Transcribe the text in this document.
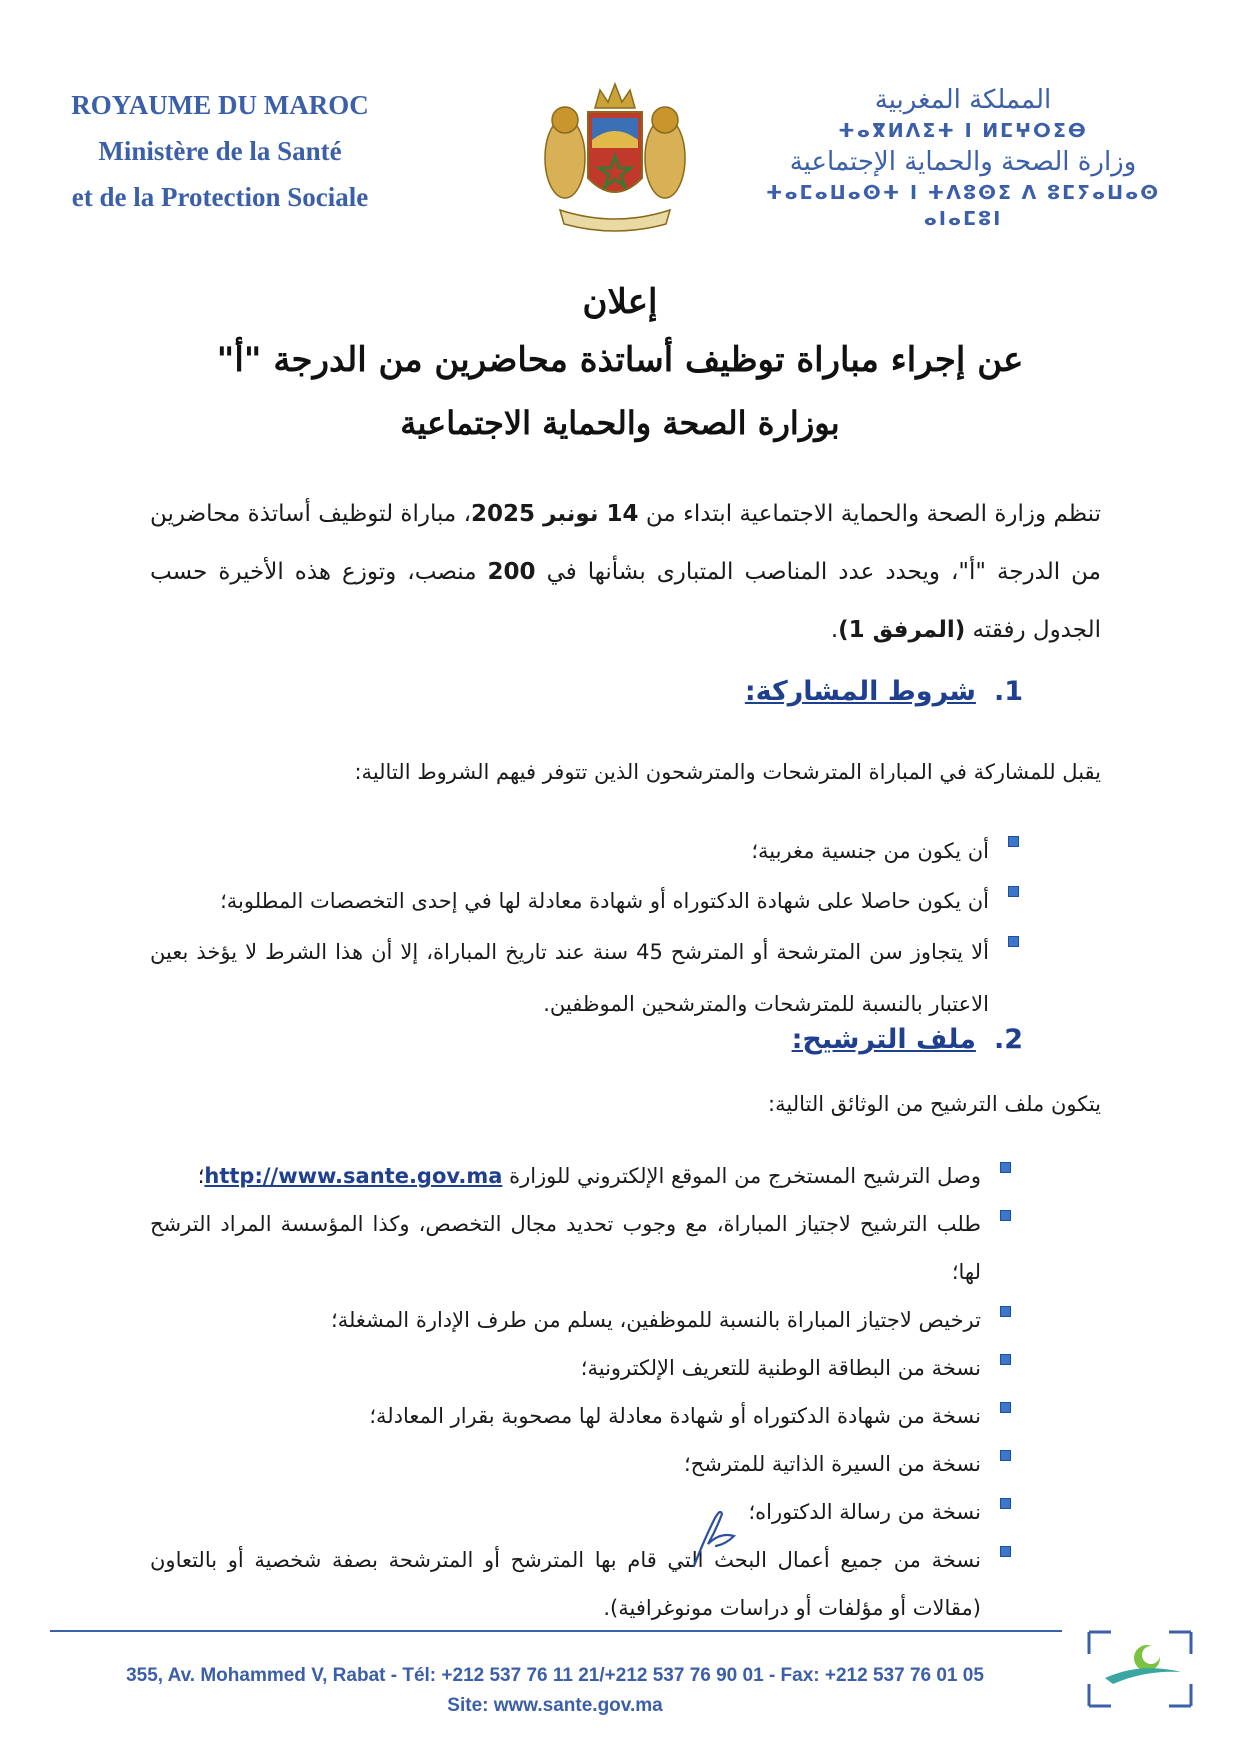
ROYAUME DU MAROC
Ministère de la Santé
et de la Protection Sociale
المملكة المغربية
ⵜⴰⴳⵍⴷⵉⵜ ⵏ ⵍⵎⵖⵔⵉⴱ
وزارة الصحة والحماية الإجتماعية
ⵜⴰⵎⴰⵡⴰⵙⵜ ⵏ ⵜⴷⵓⵙⵉ ⴷ ⵓⵎⵢⴰⵡⴰⵙ ⴰⵏⴰⵎⵓⵏ
إعلان
عن إجراء مباراة توظيف أساتذة محاضرين من الدرجة "أ"
بوزارة الصحة والحماية الاجتماعية
تنظم وزارة الصحة والحماية الاجتماعية ابتداء من 14 نونبر 2025، مباراة لتوظيف أساتذة محاضرين من الدرجة "أ"، ويحدد عدد المناصب المتبارى بشأنها في 200 منصب، وتوزع هذه الأخيرة حسب الجدول رفقته (المرفق 1).
1.شروط المشاركة:
يقبل للمشاركة في المباراة المترشحات والمترشحون الذين تتوفر فيهم الشروط التالية:
أن يكون من جنسية مغربية؛
أن يكون حاصلا على شهادة الدكتوراه أو شهادة معادلة لها في إحدى التخصصات المطلوبة؛
ألا يتجاوز سن المترشحة أو المترشح 45 سنة عند تاريخ المباراة، إلا أن هذا الشرط لا يؤخذ بعين الاعتبار بالنسبة للمترشحات والمترشحين الموظفين.
2.ملف الترشيح:
يتكون ملف الترشيح من الوثائق التالية:
وصل الترشيح المستخرج من الموقع الإلكتروني للوزارة http://www.sante.gov.ma؛
طلب الترشيح لاجتياز المباراة، مع وجوب تحديد مجال التخصص، وكذا المؤسسة المراد الترشح لها؛
ترخيص لاجتياز المباراة بالنسبة للموظفين، يسلم من طرف الإدارة المشغلة؛
نسخة من البطاقة الوطنية للتعريف الإلكترونية؛
نسخة من شهادة الدكتوراه أو شهادة معادلة لها مصحوبة بقرار المعادلة؛
نسخة من السيرة الذاتية للمترشح؛
نسخة من رسالة الدكتوراه؛
نسخة من جميع أعمال البحث التي قام بها المترشح أو المترشحة بصفة شخصية أو بالتعاون (مقالات أو مؤلفات أو دراسات مونوغرافية).
355, Av. Mohammed V, Rabat - Tél: +212 537 76 11 21/+212 537 76 90 01 - Fax: +212 537 76 01 05
Site: www.sante.gov.ma
